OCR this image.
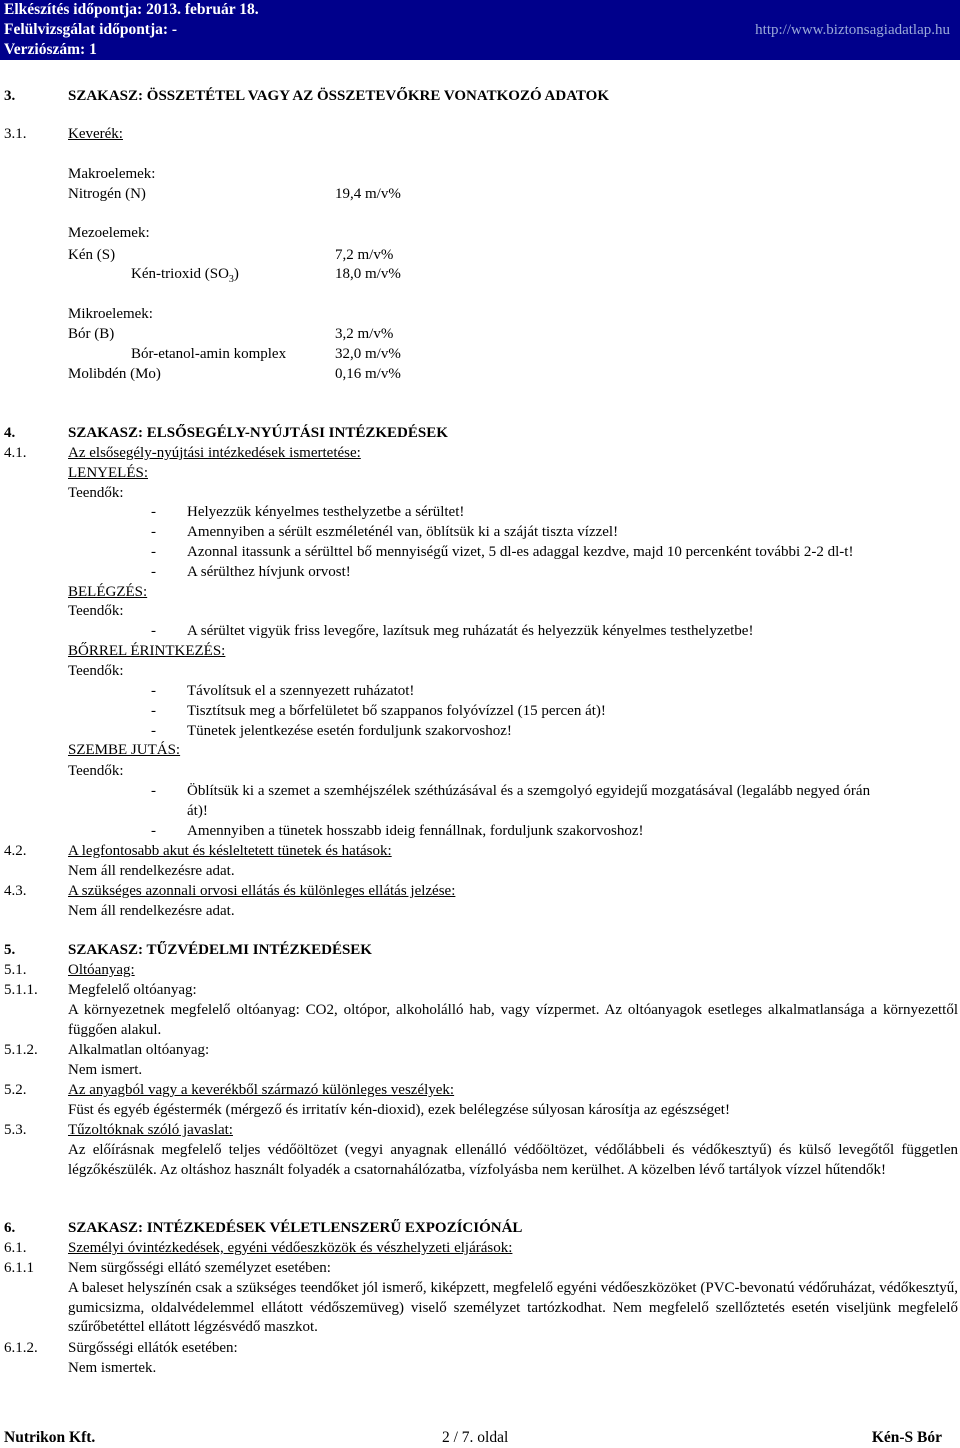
Elkészítés időpontja: 2013. február 18.
Felülvizsgálat időpontja: -
Verziószám: 1
http://www.biztonsagiadatlap.hu
3.	SZAKASZ: ÖSSZETÉTEL VAGY AZ ÖSSZETEVŐKRE VONATKOZÓ ADATOK
3.1.	Keverék:
Makroelemek:
Nitrogén (N)	19,4 m/v%
Mezoelemek:
Kén (S)	7,2 m/v%
Kén-trioxid $(SO_3)$	18,0 m/v%
Mikroelemek:
Bór (B)	3,2 m/v%
Bór-etanol-amin komplex	32,0 m/v%
Molibdén (Mo)	0,16 m/v%
4.	SZAKASZ: ELSŐSEGÉLY-NYÚJTÁSI INTÉZKEDÉSEK
4.1.	Az elsősegély-nyújtási intézkedések ismertetése:
LENYELÉS:
Teendők:
- Helyezzük kényelmes testhelyzetbe a sérültet!
- Amennyiben a sérült eszméleténél van, öblítsük ki a száját tiszta vízzel!
- Azonnal itassunk a sérülttel bő mennyiségű vizet, 5 dl-es adaggal kezdve, majd 10 percenként további 2-2 dl-t!
- A sérülthez hívjunk orvost!
BELÉGZÉS:
Teendők:
- A sérültet vigyük friss levegőre, lazítsuk meg ruházatát és helyezzük kényelmes testhelyzetbe!
BŐRREL ÉRINTKEZÉS:
Teendők:
- Távolítsuk el a szennyezett ruházatot!
- Tisztítsuk meg a bőrfelületet bő szappanos folyóvízzel (15 percen át)!
- Tünetek jelentkezése esetén forduljunk szakorvoshoz!
SZEMBE JUTÁS:
Teendők:
- Öblítsük ki a szemet a szemhéjszélek széthúzásával és a szemgolyó egyidejű mozgatásával (legalább negyed órán
át)!
- Amennyiben a tünetek hosszabb ideig fennállnak, forduljunk szakorvoshoz!
4.2.	A legfontosabb akut és késleltetett tünetek és hatások:
Nem áll rendelkezésre adat.
4.3.	A szükséges azonnali orvosi ellátás és különleges ellátás jelzése:
Nem áll rendelkezésre adat.
5.	SZAKASZ: TŰZVÉDELMI INTÉZKEDÉSEK
5.1.	Oltóanyag:
5.1.1. Megfelelő oltóanyag:
A környezetnek megfelelő oltóanyag: CO2, oltópor, alkoholálló hab, vagy vízpermet. Az oltóanyagok esetleges alkalmatlansága a környezettől függően alakul.
5.1.2. Alkalmatlan oltóanyag:
Nem ismert.
5.2.	Az anyagból vagy a keverékből származó különleges veszélyek:
Füst és egyéb égéstermék (mérgező és irritatív kén-dioxid), ezek belélegzése súlyosan károsítja az egészséget!
5.3.	Tűzoltóknak szóló javaslat:
Az előírásnak megfelelő teljes védőöltözet (vegyi anyagnak ellenálló védőöltözet, védőlábbeli és védőkesztyű) és külső levegőtől független légzőkészülék. Az oltáshoz használt folyadék a csatornahálózatba, vízfolyásba nem kerülhet. A közelben lévő tartályok vízzel hűtendők!
6.	SZAKASZ: INTÉZKEDÉSEK VÉLETLENSZERŰ EXPOZÍCIÓNÁL
6.1.	Személyi óvintézkedések, egyéni védőeszközök és vészhelyzeti eljárások:
6.1.1 Nem sürgősségi ellátó személyzet esetében:
A baleset helyszínén csak a szükséges teendőket jól ismerő, kiképzett, megfelelő egyéni védőeszközöket (PVC-bevonatú védőruházat, védőkesztyű, gumicsizma, oldalvédelemmel ellátott védőszemüveg) viselő személyzet tartózkodhat. Nem megfelelő szellőztetés esetén viseljünk megfelelő szűrőbetéttel ellátott légzésvédő maszkot.
6.1.2. Sürgősségi ellátók esetében:
Nem ismertek.
Nutrikon Kft.	2 / 7. oldal	Kén-S Bór
